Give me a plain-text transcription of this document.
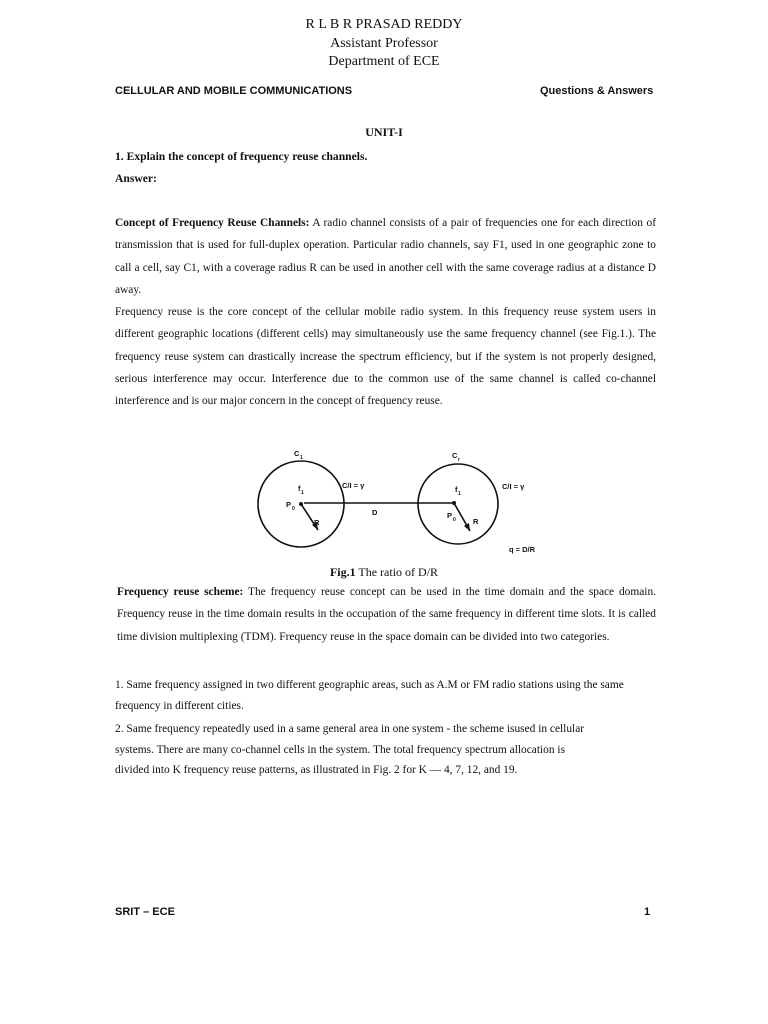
R L B R PRASAD REDDY
Assistant Professor
Department of ECE
CELLULAR AND MOBILE COMMUNICATIONS	Questions & Answers
UNIT-I
1. Explain the concept of frequency reuse channels.
Answer:

Concept of Frequency Reuse Channels: A radio channel consists of a pair of frequencies one for each direction of transmission that is used for full-duplex operation. Particular radio channels, say F1, used in one geographic zone to call a cell, say C1, with a coverage radius R can be used in another cell with the same coverage radius at a distance D away.

Frequency reuse is the core concept of the cellular mobile radio system. In this frequency reuse system users in different geographic locations (different cells) may simultaneously use the same frequency channel (see Fig.1.). The frequency reuse system can drastically increase the spectrum efficiency, but if the system is not properly designed, serious interference may occur. Interference due to the common use of the same channel is called co-channel interference and is our major concern in the concept of frequency reuse.

C 1	C r
C/I = γ	C/I = γ
f 1	f 1
P 0
P 0
R	R
D
q = D/R
Fig.1 The ratio of D/R

Frequency reuse scheme: The frequency reuse concept can be used in the time domain and the space domain. Frequency reuse in the time domain results in the occupation of the same frequency in different time slots. It is called time division multiplexing (TDM). Frequency reuse in the space domain can be divided into two categories.

1. Same frequency assigned in two different geographic areas, such as A.M or FM radio stations using the same frequency in different cities.
2. Same frequency repeatedly used in a same general area in one system - the scheme isused in cellular
systems. There are many co-channel cells in the system. The total frequency spectrum allocation is
divided into K frequency reuse patterns, as illustrated in Fig. 2 for K — 4, 7, 12, and 19.
SRIT – ECE	1
